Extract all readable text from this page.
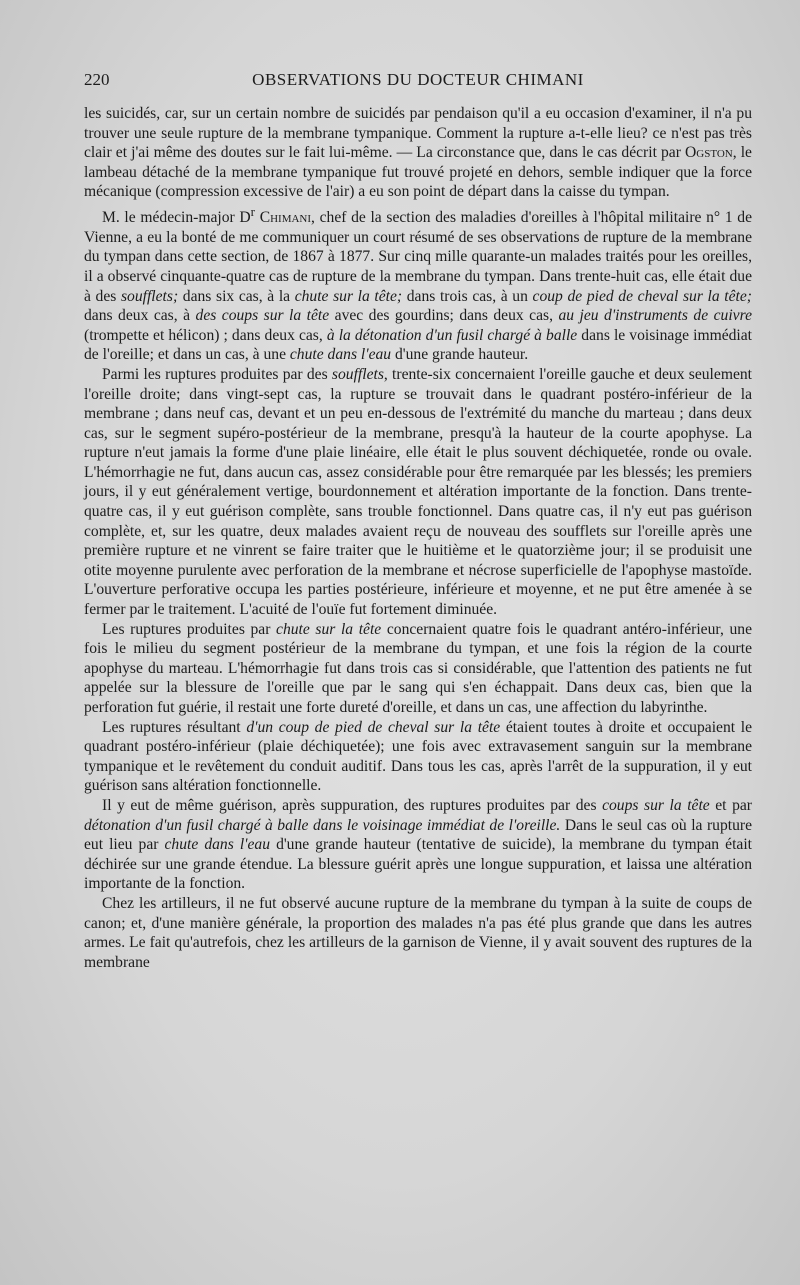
220	OBSERVATIONS DU DOCTEUR CHIMANI

les suicidés, car, sur un certain nombre de suicidés par pendaison qu'il a eu occasion d'examiner, il n'a pu trouver une seule rupture de la membrane tympanique. Comment la rupture a-t-elle lieu? ce n'est pas très clair et j'ai même des doutes sur le fait lui-même. — La circonstance que, dans le cas décrit par Ogston, le lambeau détaché de la membrane tympanique fut trouvé projeté en dehors, semble indiquer que la force mécanique (compression excessive de l'air) a eu son point de départ dans la caisse du tympan.

M. le médecin-major $D^r$ Chimani, chef de la section des maladies d'oreilles à l'hôpital militaire n° 1 de Vienne, a eu la bonté de me communiquer un court résumé de ses observations de rupture de la membrane du tympan dans cette section, de 1867 à 1877. Sur cinq mille quarante-un malades traités pour les oreilles, il a observé cinquante-quatre cas de rupture de la membrane du tympan. Dans trente-huit cas, elle était due à des soufflets; dans six cas, à la chute sur la tête; dans trois cas, à un coup de pied de cheval sur la tête; dans deux cas, à des coups sur la tête avec des gourdins; dans deux cas, au jeu d'instruments de cuivre (trompette et hélicon) ; dans deux cas, à la détonation d'un fusil chargé à balle dans le voisinage immédiat de l'oreille; et dans un cas, à une chute dans l'eau d'une grande hauteur.

Parmi les ruptures produites par des soufflets, trente-six concernaient l'oreille gauche et deux seulement l'oreille droite; dans vingt-sept cas, la rupture se trouvait dans le quadrant postéro-inférieur de la membrane ; dans neuf cas, devant et un peu en-dessous de l'extrémité du manche du marteau ; dans deux cas, sur le segment supéro-postérieur de la membrane, presqu'à la hauteur de la courte apophyse. La rupture n'eut jamais la forme d'une plaie linéaire, elle était le plus souvent déchiquetée, ronde ou ovale. L'hémorrhagie ne fut, dans aucun cas, assez considérable pour être remarquée par les blessés; les premiers jours, il y eut généralement vertige, bourdonnement et altération importante de la fonction. Dans trente-quatre cas, il y eut guérison complète, sans trouble fonctionnel. Dans quatre cas, il n'y eut pas guérison complète, et, sur les quatre, deux malades avaient reçu de nouveau des soufflets sur l'oreille après une première rupture et ne vinrent se faire traiter que le huitième et le quatorzième jour; il se produisit une otite moyenne purulente avec perforation de la membrane et nécrose superficielle de l'apophyse mastoïde. L'ouverture perforative occupa les parties postérieure, inférieure et moyenne, et ne put être amenée à se fermer par le traitement. L'acuité de l'ouïe fut fortement diminuée.

Les ruptures produites par chute sur la tête concernaient quatre fois le quadrant antéro-inférieur, une fois le milieu du segment postérieur de la membrane du tympan, et une fois la région de la courte apophyse du marteau. L'hémorrhagie fut dans trois cas si considérable, que l'attention des patients ne fut appelée sur la blessure de l'oreille que par le sang qui s'en échappait. Dans deux cas, bien que la perforation fut guérie, il restait une forte dureté d'oreille, et dans un cas, une affection du labyrinthe.

Les ruptures résultant d'un coup de pied de cheval sur la tête étaient toutes à droite et occupaient le quadrant postéro-inférieur (plaie déchiquetée); une fois avec extravasement sanguin sur la membrane tympanique et le revêtement du conduit auditif. Dans tous les cas, après l'arrêt de la suppuration, il y eut guérison sans altération fonctionnelle.

Il y eut de même guérison, après suppuration, des ruptures produites par des coups sur la tête et par détonation d'un fusil chargé à balle dans le voisinage immédiat de l'oreille. Dans le seul cas où la rupture eut lieu par chute dans l'eau d'une grande hauteur (tentative de suicide), la membrane du tympan était déchirée sur une grande étendue. La blessure guérit après une longue suppuration, et laissa une altération importante de la fonction.

Chez les artilleurs, il ne fut observé aucune rupture de la membrane du tympan à la suite de coups de canon; et, d'une manière générale, la proportion des malades n'a pas été plus grande que dans les autres armes. Le fait qu'autrefois, chez les artilleurs de la garnison de Vienne, il y avait souvent des ruptures de la membrane
